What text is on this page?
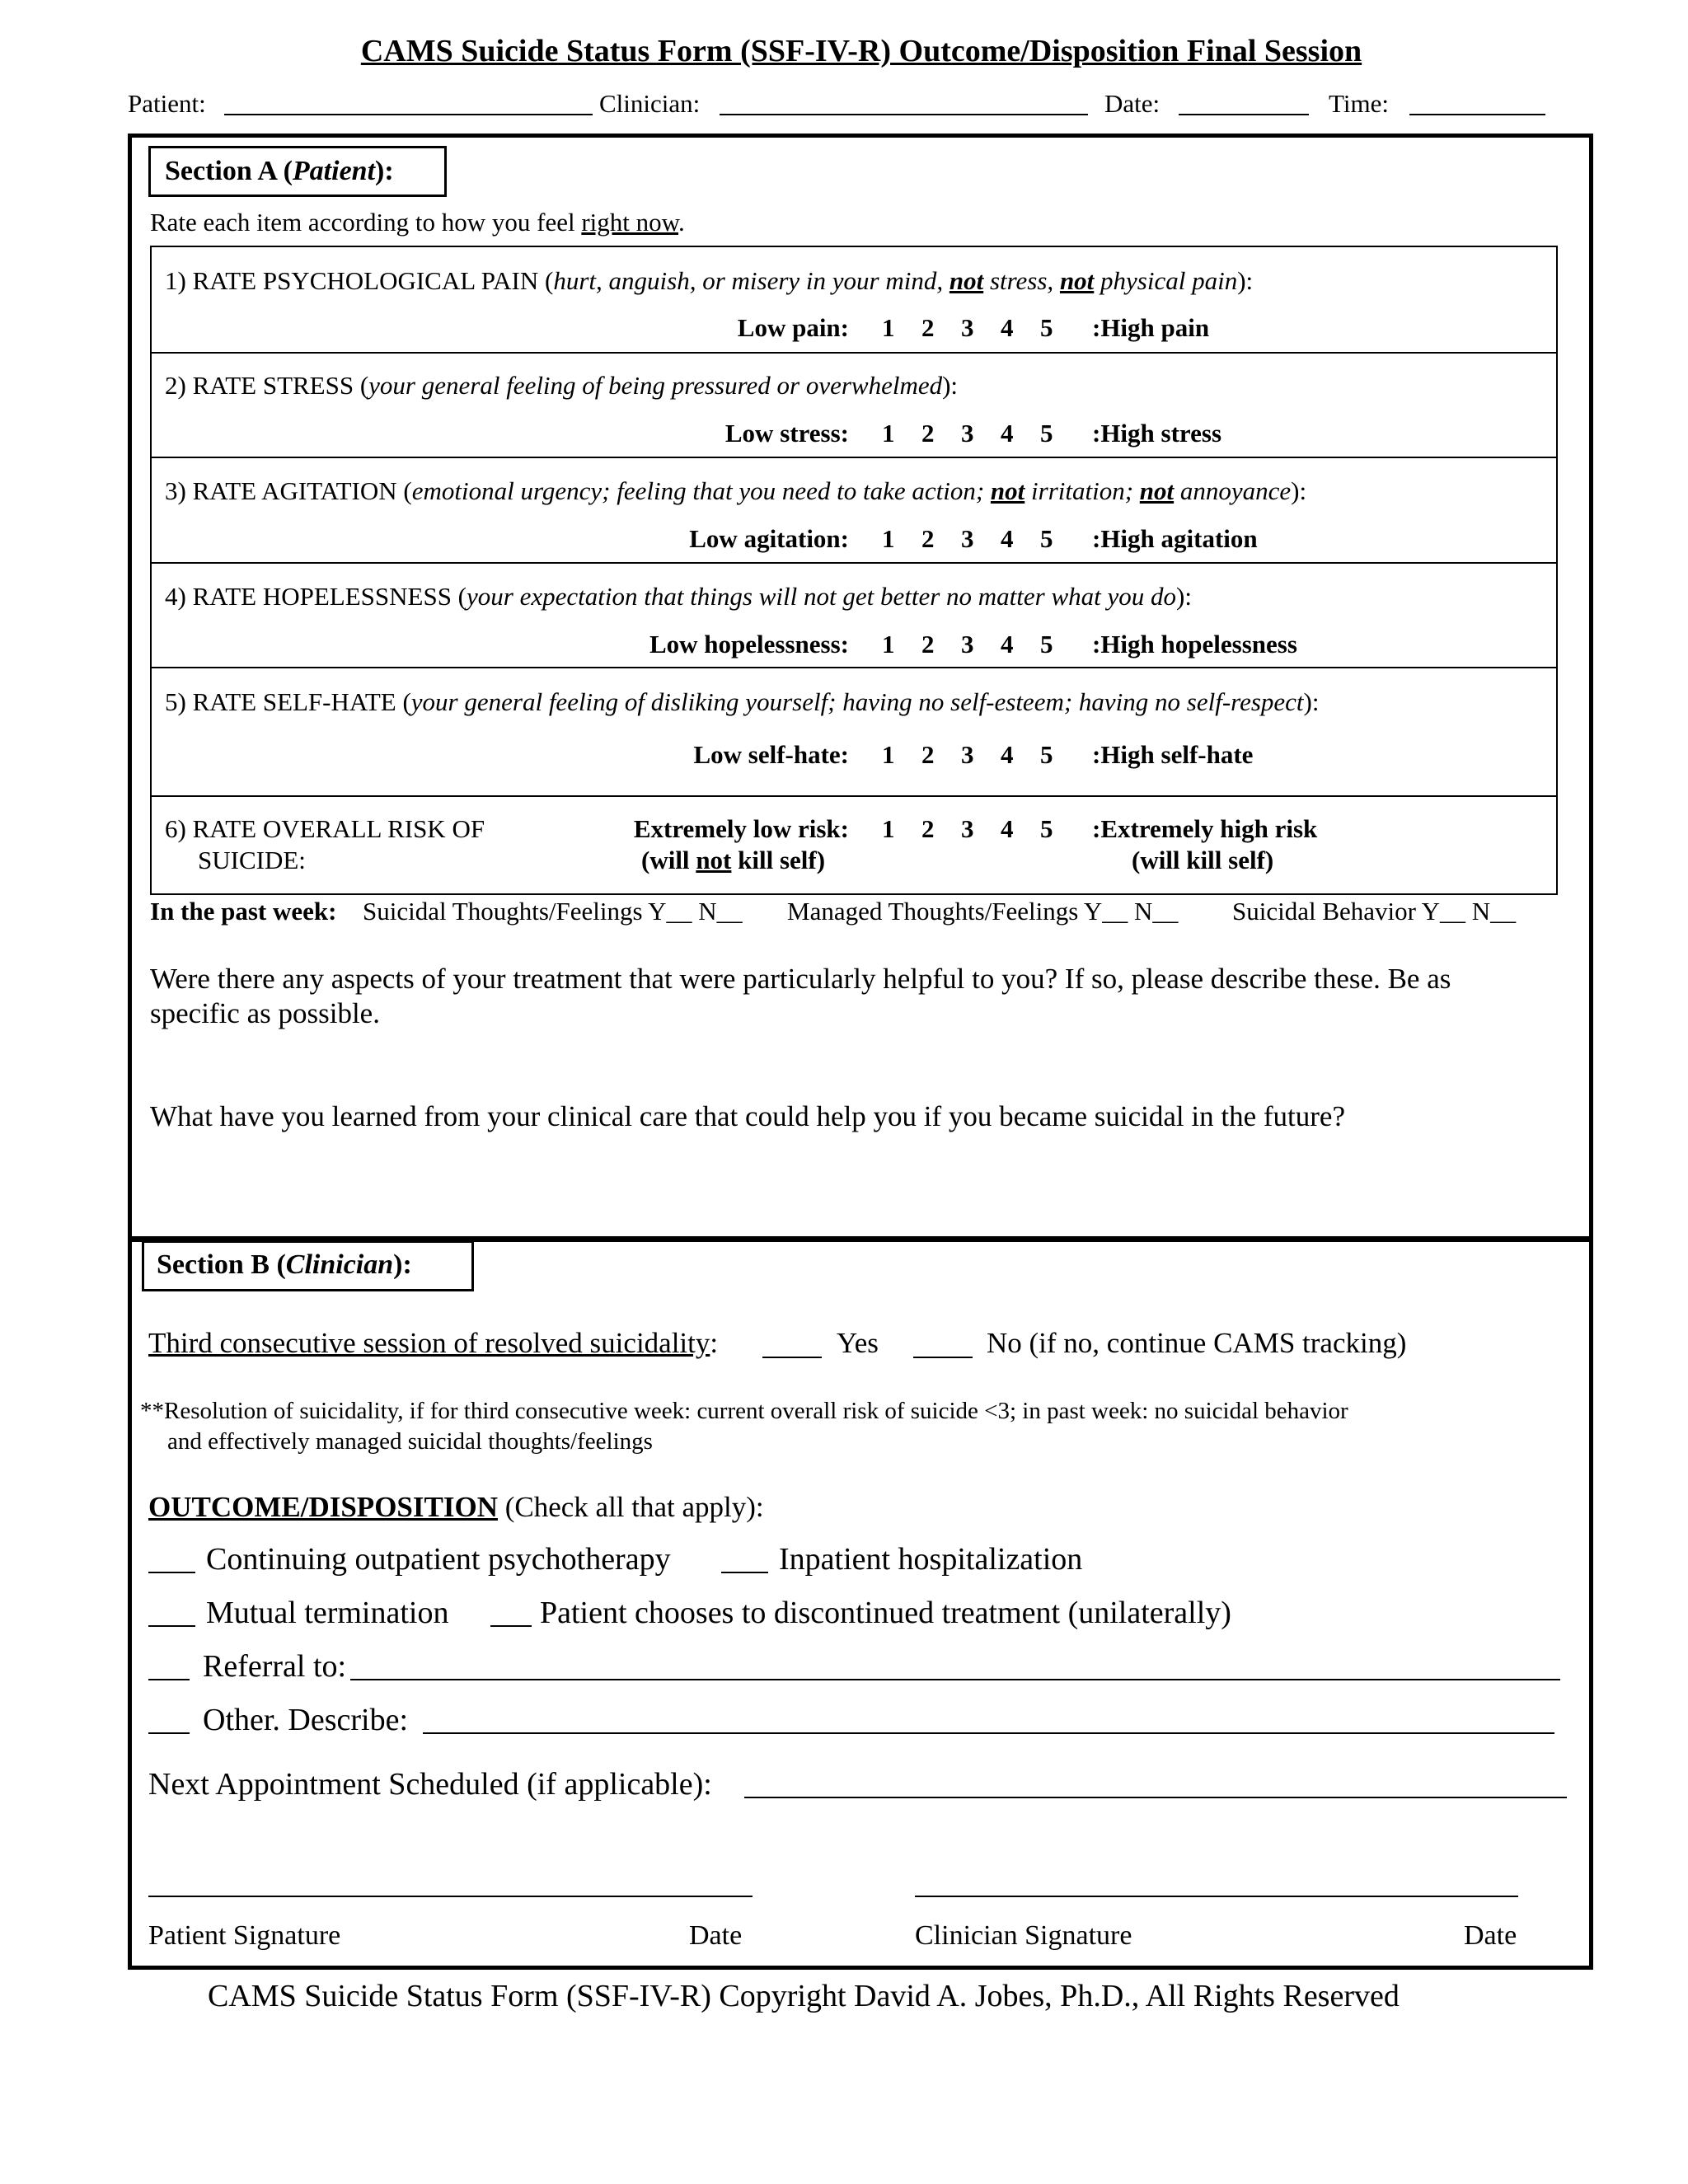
CAMS Suicide Status Form (SSF-IV-R) Outcome/Disposition Final Session
Patient:	Clinician:	Date:	Time:
Section A (Patient):
Rate each item according to how you feel right now.
1) RATE PSYCHOLOGICAL PAIN (hurt, anguish, or misery in your mind, not stress, not physical pain):
Low pain: 1 2 3 4 5 :High pain
2) RATE STRESS (your general feeling of being pressured or overwhelmed):
Low stress: 1 2 3 4 5 :High stress
3) RATE AGITATION (emotional urgency; feeling that you need to take action; not irritation; not annoyance):
Low agitation: 1 2 3 4 5 :High agitation
4) RATE HOPELESSNESS (your expectation that things will not get better no matter what you do):
Low hopelessness: 1 2 3 4 5 :High hopelessness
5) RATE SELF-HATE (your general feeling of disliking yourself; having no self-esteem; having no self-respect):
Low self-hate: 1 2 3 4 5 :High self-hate
6) RATE OVERALL RISK OF
SUICIDE:
Extremely low risk:
(will not kill self)
1 2 3 4 5 :Extremely high risk
(will kill self)
In the past week: Suicidal Thoughts/Feelings Y__ N__ Managed Thoughts/Feelings Y__ N__ Suicidal Behavior Y__ N__
Were there any aspects of your treatment that were particularly helpful to you? If so, please describe these. Be as
specific as possible.
What have you learned from your clinical care that could help you if you became suicidal in the future?
Section B (Clinician):
Third consecutive session of resolved suicidality:	Yes	No (if no, continue CAMS tracking)
**Resolution of suicidality, if for third consecutive week: current overall risk of suicide <3; in past week: no suicidal behavior
and effectively managed suicidal thoughts/feelings
OUTCOME/DISPOSITION (Check all that apply):
Continuing outpatient psychotherapy	Inpatient hospitalization
Mutual termination	Patient chooses to discontinued treatment (unilaterally)
Referral to:
Other. Describe:
Next Appointment Scheduled (if applicable):
Patient Signature	Date	Clinician Signature	Date
CAMS Suicide Status Form (SSF-IV-R) Copyright David A. Jobes, Ph.D., All Rights Reserved
